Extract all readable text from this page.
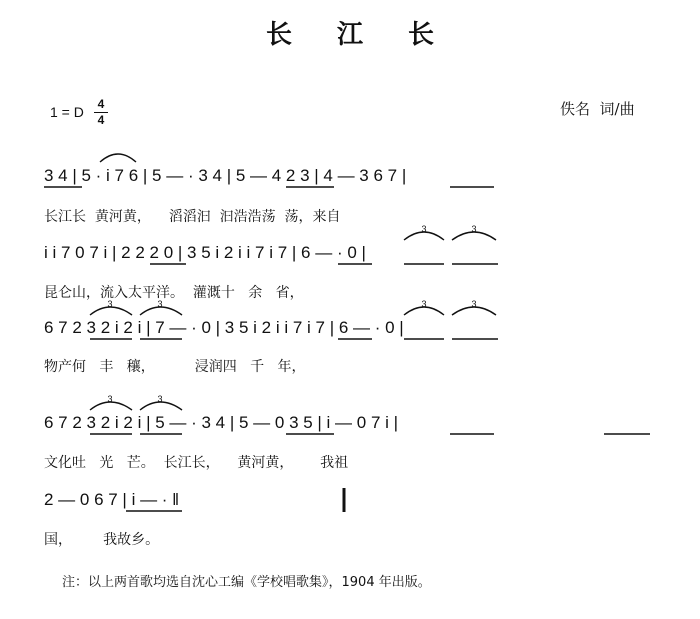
长 江 长
1 = D	4
4
佚名  词/曲
3 4 | 5 · i 7 6 | 5 — · 3 4 | 5 — 4 2 3 | 4 — 3 6 7 |
长江长  黄河黄，    滔滔汩  汩浩浩荡  荡，来自
i i 7 0 7 i | 2 2 2 0 | 3 5 i 2 i i 7 i 7 | 6 — · 0 |
昆仑山，流入太平洋。  灌溉十   余   省，
6 7 2 3 2 i 2 i | 7 — · 0 | 3 5 i 2 i i 7 i 7 | 6 — · 0 |
物产何   丰   穰，         浸润四   千   年，
6 7 2 3 2 i 2 i | 5 — · 3 4 | 5 — 0 3 5 | i — 0 7 i |
文化吐   光   芒。  长江长，    黄河黄，      我祖
2 — 0 6 7 | i — · ‖
国，       我故乡。
注：以上两首歌均选自沈心工编《学校唱歌集》，1904 年出版。
3	3
3	3	3	3
3	3
